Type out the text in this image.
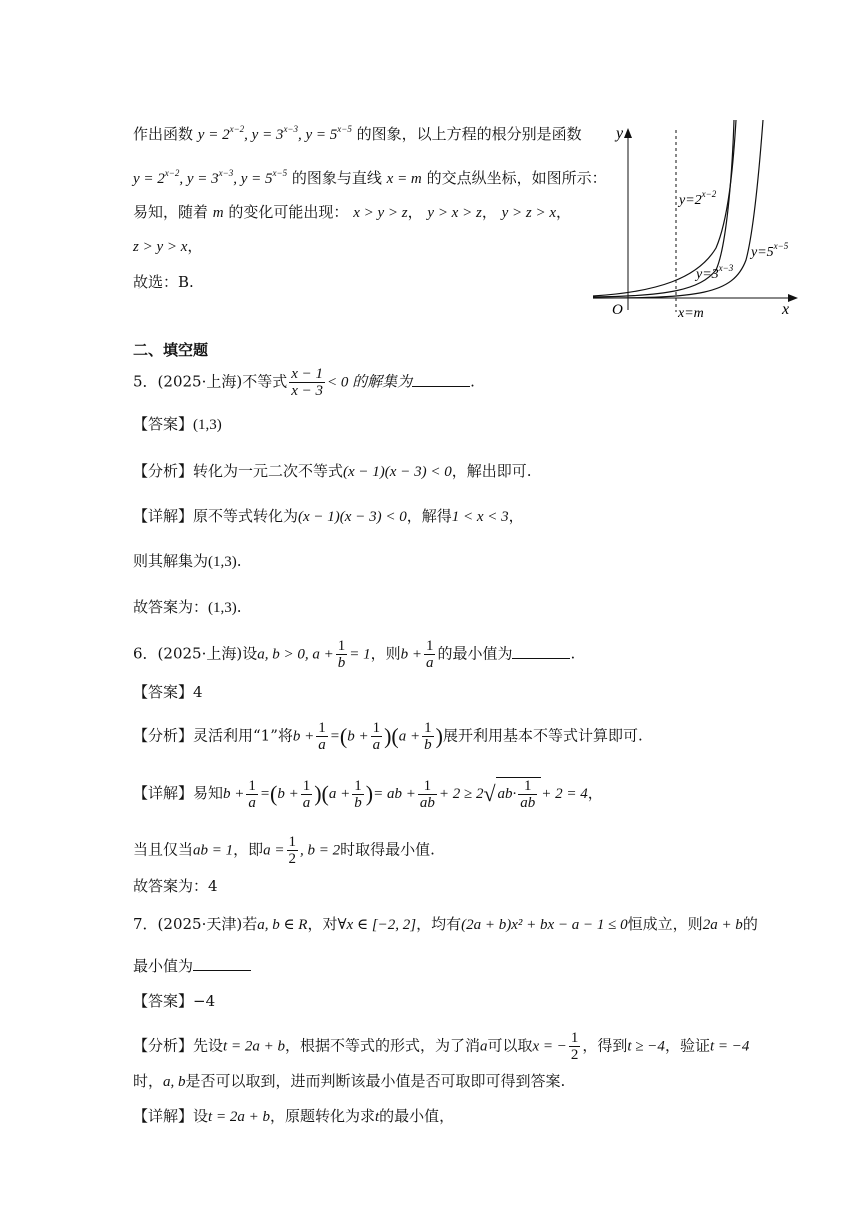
作出函数 $y = 2^{x-2}$, $y = 3^{x-3}$, $y = 5^{x-5}$ 的图象，以上方程的根分别是函数
$y = 2^{x-2}$, $y = 3^{x-3}$, $y = 5^{x-5}$ 的图象与直线 x = m 的交点纵坐标，如图所示：
易知，随着 m 的变化可能出现： x > y > z， y > x > z， y > z > x，
z > y > x，
故选：B.
y
x
O	x=m
$y=2^{x-2}$
$y=3^{x-3}$
$y=5^{x-5}$
二、填空题
5．(2025·上海)不等式 $\frac{x - 1}{x - 3} < 0$ 的解集为	.
【答案】(1,3)
【分析】转化为一元二次不等式(x − 1)(x − 3) < 0，解出即可.
【详解】原不等式转化为(x − 1)(x − 3) < 0，解得1 < x < 3，
则其解集为(1,3).
故答案为：(1,3).
6．(2025·上海)设a, b > 0, $a + \frac{1}{b} = 1$，则$b + \frac{1}{a}$ 的最小值为	.
【答案】4
【分析】灵活利用“1”将$b + \frac{1}{a} =(b + \frac{1}{a} )(a + \frac{1}{b}$ )展开利用基本不等式计算即可.
【详解】易知$b + \frac{1}{a} =(b + \frac{1}{a} )(a + \frac{1}{b}$ )= ab + $\frac{1}{ab} + 2 \ge 2√$ $ab\cdot \frac{1}{ab} + 2 = 4$，
当且仅当ab = 1，即$a = \frac{1}{2}$ , b = 2时取得最小值.
故答案为：4
7．(2025·天津)若a, b ∈ R，对∀x ∈ [−2, 2]，均有(2a + b)x² + bx − a − 1 ≤ 0恒成立，则2a + b的
最小值为
【答案】−4
【分析】先设t = 2a + b，根据不等式的形式，为了消a可以取x = − $\frac{1}{2}$ ，得到t ≥ −4，验证t = −4
时，a, b是否可以取到，进而判断该最小值是否可取即可得到答案.
【详解】设t = 2a + b，原题转化为求t的最小值，
